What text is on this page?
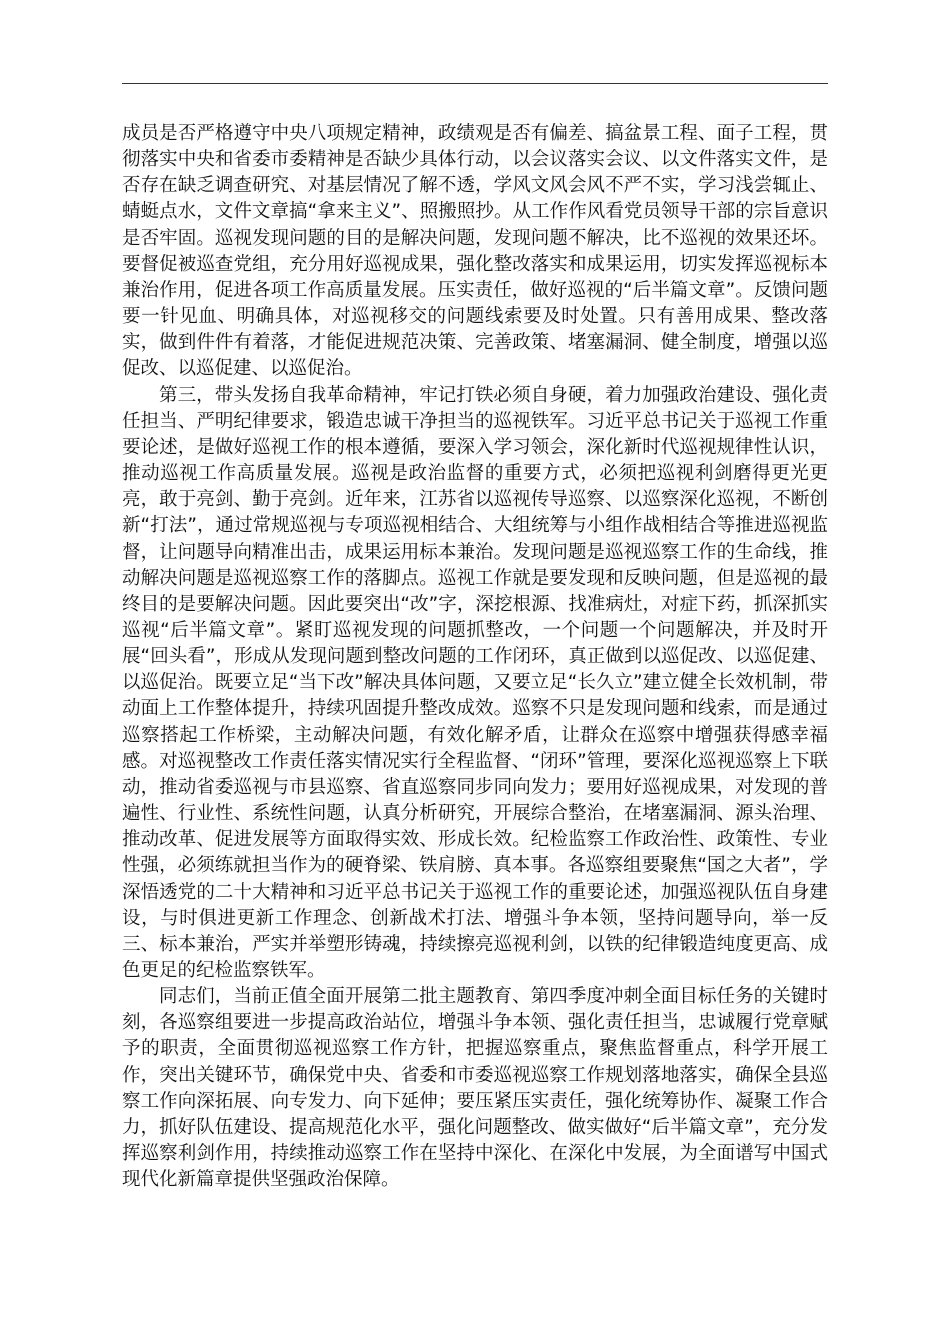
成员是否严格遵守中央八项规定精神，政绩观是否有偏差、搞盆景工程、面子工程，贯彻落实中央和省委市委精神是否缺少具体行动，以会议落实会议、以文件落实文件，是否存在缺乏调查研究、对基层情况了解不透，学风文风会风不严不实，学习浅尝辄止、蜻蜓点水，文件文章搞“拿来主义”、照搬照抄。从工作作风看党员领导干部的宗旨意识是否牢固。巡视发现问题的目的是解决问题，发现问题不解决，比不巡视的效果还坏。要督促被巡查党组，充分用好巡视成果，强化整改落实和成果运用，切实发挥巡视标本兼治作用，促进各项工作高质量发展。压实责任，做好巡视的“后半篇文章”。反馈问题要一针见血、明确具体，对巡视移交的问题线索要及时处置。只有善用成果、整改落实，做到件件有着落，才能促进规范决策、完善政策、堵塞漏洞、健全制度，增强以巡促改、以巡促建、以巡促治。

第三，带头发扬自我革命精神，牢记打铁必须自身硬，着力加强政治建设、强化责任担当、严明纪律要求，锻造忠诚干净担当的巡视铁军。习近平总书记关于巡视工作重要论述，是做好巡视工作的根本遵循，要深入学习领会，深化新时代巡视规律性认识，推动巡视工作高质量发展。巡视是政治监督的重要方式，必须把巡视利剑磨得更光更亮，敢于亮剑、勤于亮剑。近年来，江苏省以巡视传导巡察、以巡察深化巡视，不断创新“打法”，通过常规巡视与专项巡视相结合、大组统筹与小组作战相结合等推进巡视监督，让问题导向精准出击，成果运用标本兼治。发现问题是巡视巡察工作的生命线，推动解决问题是巡视巡察工作的落脚点。巡视工作就是要发现和反映问题，但是巡视的最终目的是要解决问题。因此要突出“改”字，深挖根源、找准病灶，对症下药，抓深抓实巡视“后半篇文章”。紧盯巡视发现的问题抓整改，一个问题一个问题解决，并及时开展“回头看”，形成从发现问题到整改问题的工作闭环，真正做到以巡促改、以巡促建、以巡促治。既要立足“当下改”解决具体问题，又要立足“长久立”建立健全长效机制，带动面上工作整体提升，持续巩固提升整改成效。巡察不只是发现问题和线索，而是通过巡察搭起工作桥梁，主动解决问题，有效化解矛盾，让群众在巡察中增强获得感幸福感。对巡视整改工作责任落实情况实行全程监督、“闭环”管理，要深化巡视巡察上下联动，推动省委巡视与市县巡察、省直巡察同步同向发力；要用好巡视成果，对发现的普遍性、行业性、系统性问题，认真分析研究，开展综合整治，在堵塞漏洞、源头治理、推动改革、促进发展等方面取得实效、形成长效。纪检监察工作政治性、政策性、专业性强，必须练就担当作为的硬脊梁、铁肩膀、真本事。各巡察组要聚焦“国之大者”，学深悟透党的二十大精神和习近平总书记关于巡视工作的重要论述，加强巡视队伍自身建设，与时俱进更新工作理念、创新战术打法、增强斗争本领，坚持问题导向，举一反三、标本兼治，严实并举塑形铸魂，持续擦亮巡视利剑，以铁的纪律锻造纯度更高、成色更足的纪检监察铁军。

同志们，当前正值全面开展第二批主题教育、第四季度冲刺全面目标任务的关键时刻，各巡察组要进一步提高政治站位，增强斗争本领、强化责任担当，忠诚履行党章赋予的职责，全面贯彻巡视巡察工作方针，把握巡察重点，聚焦监督重点，科学开展工作，突出关键环节，确保党中央、省委和市委巡视巡察工作规划落地落实，确保全县巡察工作向深拓展、向专发力、向下延伸；要压紧压实责任，强化统筹协作、凝聚工作合力，抓好队伍建设、提高规范化水平，强化问题整改、做实做好“后半篇文章”，充分发挥巡察利剑作用，持续推动巡察工作在坚持中深化、在深化中发展，为全面谱写中国式现代化新篇章提供坚强政治保障。
